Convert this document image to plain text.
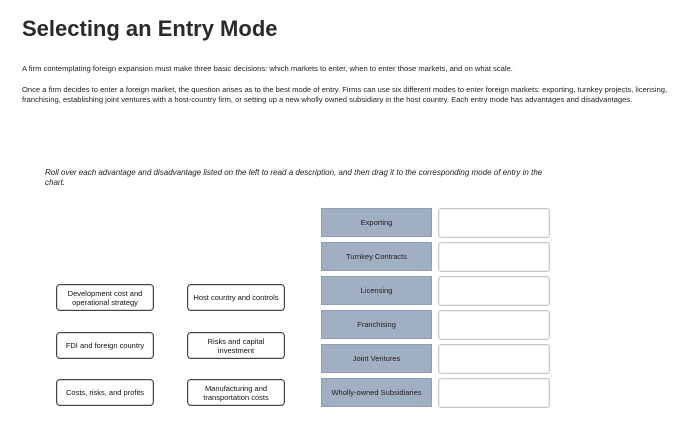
Selecting an Entry Mode

A firm contemplating foreign expansion must make three basic decisions: which markets to enter, when to enter those markets, and on what scale.

Once a firm decides to enter a foreign market, the question arises as to the best mode of entry. Firms can use six different modes to enter foreign markets: exporting, turnkey projects, licensing, franchising, establishing joint ventures with a host-country firm, or setting up a new wholly owned subsidiary in the host country. Each entry mode has advantages and disadvantages.

Roll over each advantage and disadvantage listed on the left to read a description, and then drag it to the corresponding mode of entry in the chart.

Development cost and operational strategy	Host country and controls
FDI and foreign country	Risks and capital investment
Costs, risks, and profits	Manufacturing and transportation costs
Exporting
Turnkey Contracts
Licensing
Franchising
Joint Ventures
Wholly-owned Subsidiaries
